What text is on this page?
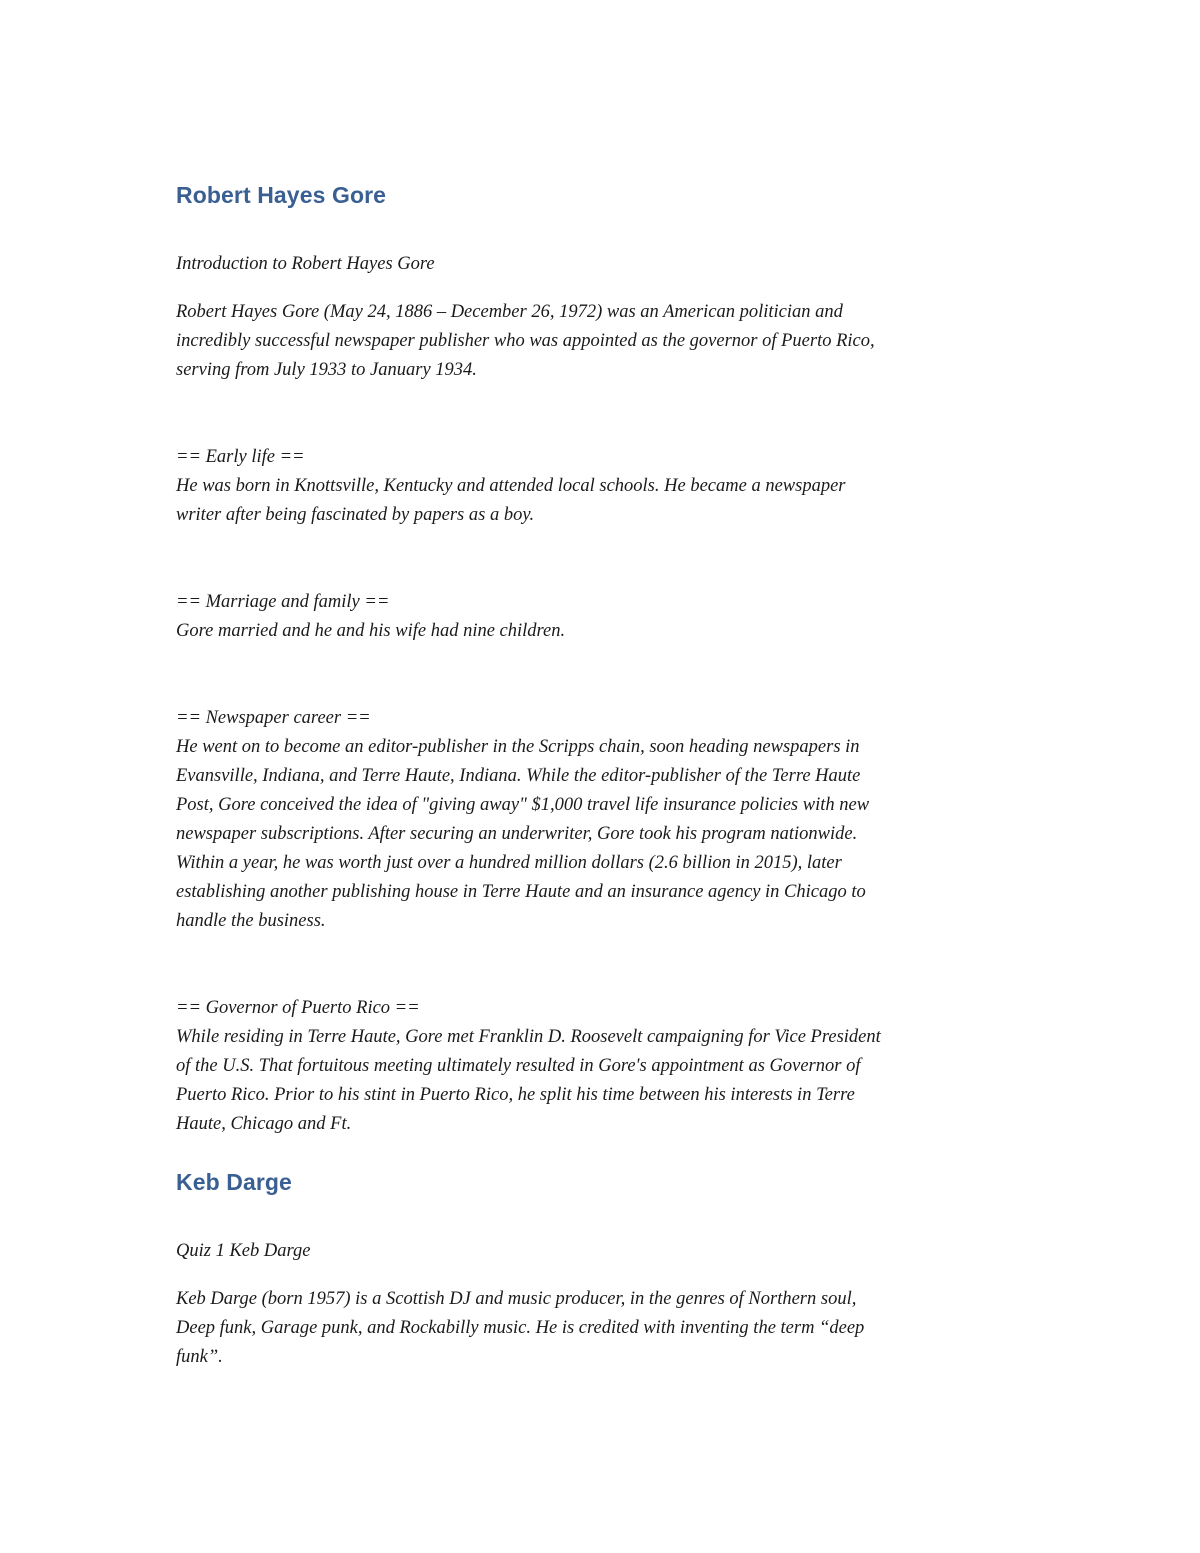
Robert Hayes Gore

Introduction to Robert Hayes Gore

Robert Hayes Gore (May 24, 1886 – December 26, 1972) was an American politician and
incredibly successful newspaper publisher who was appointed as the governor of Puerto Rico,
serving from July 1933 to January 1934.

== Early life ==
He was born in Knottsville, Kentucky and attended local schools. He became a newspaper
writer after being fascinated by papers as a boy.

== Marriage and family ==
Gore married and he and his wife had nine children.

== Newspaper career ==
He went on to become an editor-publisher in the Scripps chain, soon heading newspapers in
Evansville, Indiana, and Terre Haute, Indiana. While the editor-publisher of the Terre Haute
Post, Gore conceived the idea of "giving away" $1,000 travel life insurance policies with new
newspaper subscriptions. After securing an underwriter, Gore took his program nationwide.
Within a year, he was worth just over a hundred million dollars (2.6 billion in 2015), later
establishing another publishing house in Terre Haute and an insurance agency in Chicago to
handle the business.

== Governor of Puerto Rico ==
While residing in Terre Haute, Gore met Franklin D. Roosevelt campaigning for Vice President
of the U.S. That fortuitous meeting ultimately resulted in Gore's appointment as Governor of
Puerto Rico. Prior to his stint in Puerto Rico, he split his time between his interests in Terre
Haute, Chicago and Ft.

Keb Darge

Quiz 1 Keb Darge

Keb Darge (born 1957) is a Scottish DJ and music producer, in the genres of Northern soul,
Deep funk, Garage punk, and Rockabilly music. He is credited with inventing the term “deep
funk”.
